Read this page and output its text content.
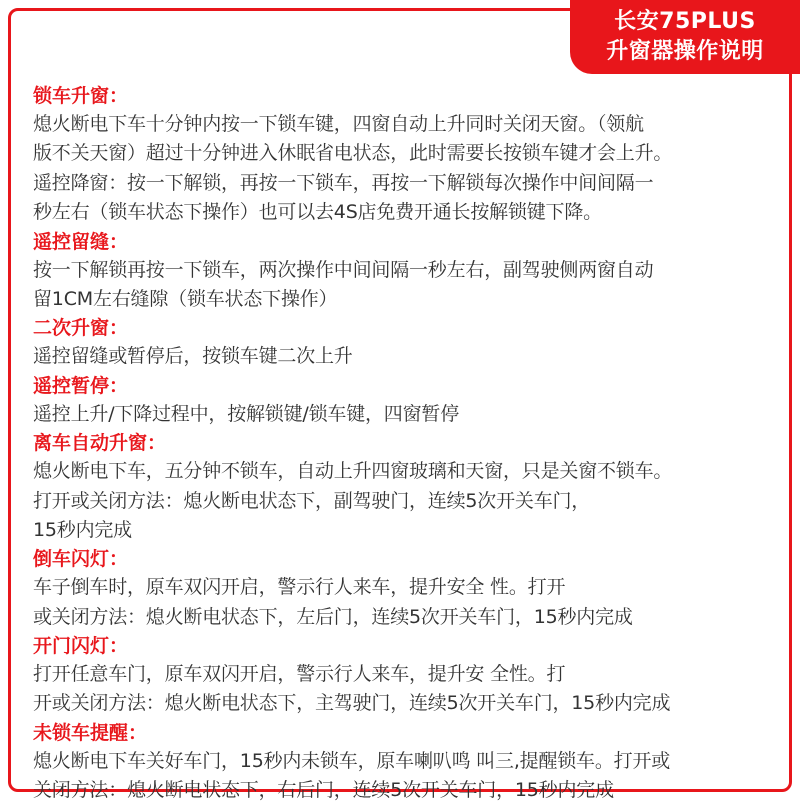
长安75PLUS
升窗器操作说明
锁车升窗：
熄火断电下车十分钟内按一下锁车键，四窗自动上升同时关闭天窗。（领航
版不关天窗）超过十分钟进入休眠省电状态，此时需要长按锁车键才会上升。
遥控降窗：按一下解锁，再按一下锁车，再按一下解锁每次操作中间间隔一
秒左右（锁车状态下操作）也可以去4S店免费开通长按解锁键下降。
遥控留缝：
按一下解锁再按一下锁车，两次操作中间间隔一秒左右，副驾驶侧两窗自动
留1CM左右缝隙（锁车状态下操作）
二次升窗：
遥控留缝或暂停后，按锁车键二次上升
遥控暂停：
遥控上升/下降过程中，按解锁键/锁车键，四窗暂停
离车自动升窗：
熄火断电下车，五分钟不锁车，自动上升四窗玻璃和天窗，只是关窗不锁车。
打开或关闭方法：熄火断电状态下，副驾驶门，连续5次开关车门，
15秒内完成
倒车闪灯：
车子倒车时，原车双闪开启，警示行人来车，提升安全 性。打开
或关闭方法：熄火断电状态下，左后门，连续5次开关车门，15秒内完成
开门闪灯：
打开任意车门，原车双闪开启，警示行人来车，提升安 全性。打
开或关闭方法：熄火断电状态下，主驾驶门，连续5次开关车门，15秒内完成
未锁车提醒：
熄火断电下车关好车门，15秒内未锁车，原车喇叭鸣 叫三,提醒锁车。打开或
关闭方法：熄火断电状态下，右后门，连续5次开关车门，15秒内完成
